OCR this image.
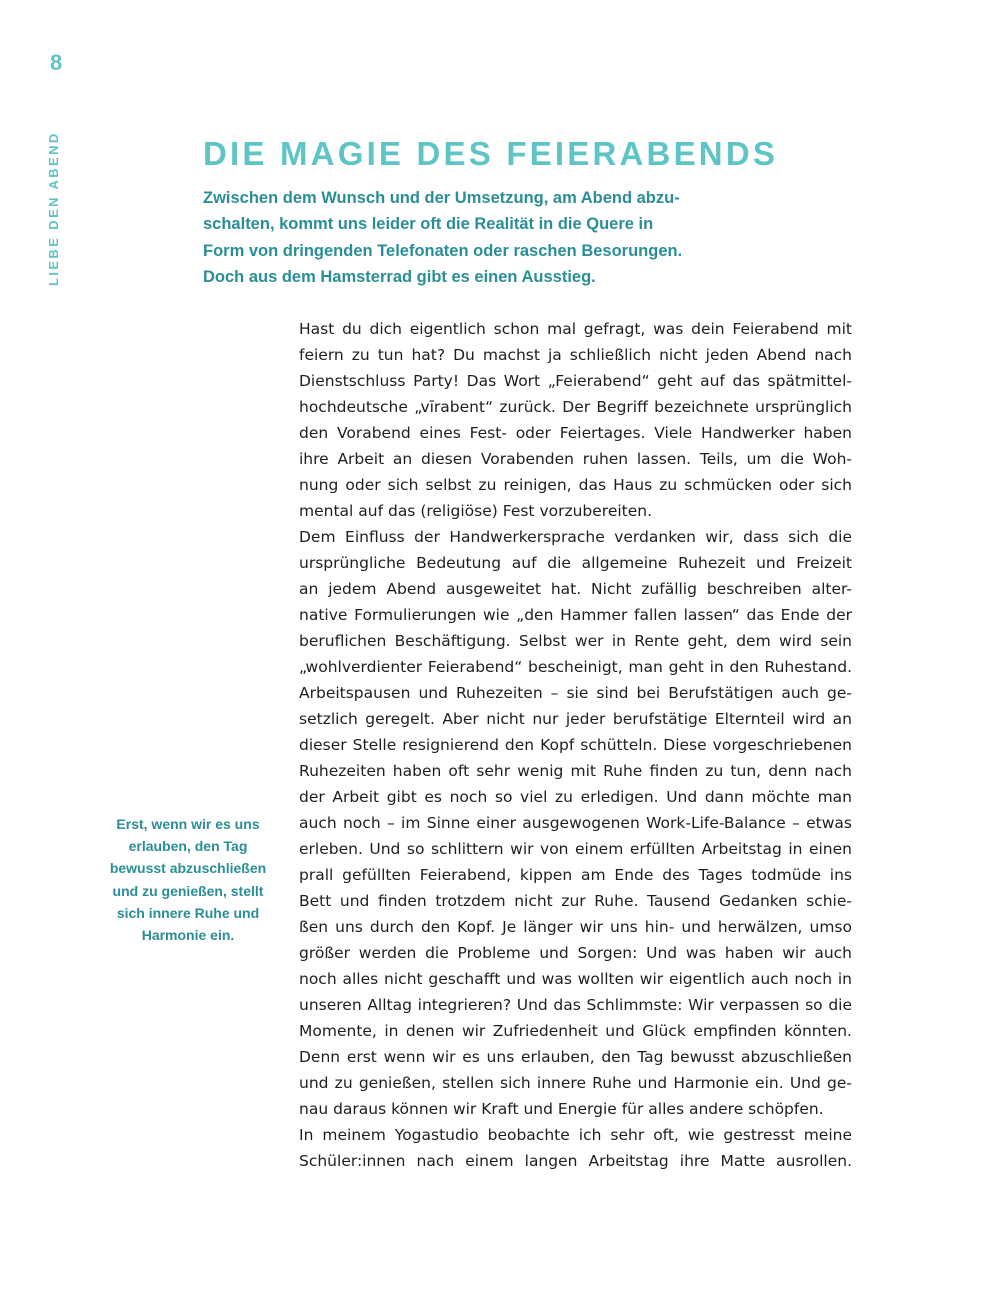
8
LIEBE DEN ABEND	DIE MAGIE DES FEIERABENDS

Zwischen dem Wunsch und der Umsetzung, am Abend abzu-
schalten, kommt uns leider oft die Realität in die Quere in
Form von dringenden Telefonaten oder raschen Besorungen.
Doch aus dem Hamsterrad gibt es einen Ausstieg.

Erst, wenn wir es uns
erlauben, den Tag
bewusst abzuschließen
und zu genießen, stellt
sich innere Ruhe und
Harmonie ein.

Hast du dich eigentlich schon mal gefragt, was dein Feierabend mit
feiern zu tun hat? Du machst ja schließlich nicht jeden Abend nach
Dienstschluss Party! Das Wort „Feierabend“ geht auf das spätmittel-
hochdeutsche „vīrabent“ zurück. Der Begriff bezeichnete ursprünglich
den Vorabend eines Fest- oder Feiertages. Viele Handwerker haben
ihre Arbeit an diesen Vorabenden ruhen lassen. Teils, um die Woh-
nung oder sich selbst zu reinigen, das Haus zu schmücken oder sich
mental auf das (religiöse) Fest vorzubereiten.
Dem Einfluss der Handwerkersprache verdanken wir, dass sich die
ursprüngliche Bedeutung auf die allgemeine Ruhezeit und Freizeit
an jedem Abend ausgeweitet hat. Nicht zufällig beschreiben alter-
native Formulierungen wie „den Hammer fallen lassen“ das Ende der
beruflichen Beschäftigung. Selbst wer in Rente geht, dem wird sein
„wohlverdienter Feierabend“ bescheinigt, man geht in den Ruhestand.
Arbeitspausen und Ruhezeiten – sie sind bei Berufstätigen auch ge-
setzlich geregelt. Aber nicht nur jeder berufstätige Elternteil wird an
dieser Stelle resignierend den Kopf schütteln. Diese vorgeschriebenen
Ruhezeiten haben oft sehr wenig mit Ruhe finden zu tun, denn nach
der Arbeit gibt es noch so viel zu erledigen. Und dann möchte man
auch noch – im Sinne einer ausgewogenen Work-Life-Balance – etwas
erleben. Und so schlittern wir von einem erfüllten Arbeitstag in einen
prall gefüllten Feierabend, kippen am Ende des Tages todmüde ins
Bett und finden trotzdem nicht zur Ruhe. Tausend Gedanken schie-
ßen uns durch den Kopf. Je länger wir uns hin- und herwälzen, umso
größer werden die Probleme und Sorgen: Und was haben wir auch
noch alles nicht geschafft und was wollten wir eigentlich auch noch in
unseren Alltag integrieren? Und das Schlimmste: Wir verpassen so die
Momente, in denen wir Zufriedenheit und Glück empfinden könnten.
Denn erst wenn wir es uns erlauben, den Tag bewusst abzuschließen
und zu genießen, stellen sich innere Ruhe und Harmonie ein. Und ge-
nau daraus können wir Kraft und Energie für alles andere schöpfen.
In meinem Yogastudio beobachte ich sehr oft, wie gestresst meine
Schüler:innen nach einem langen Arbeitstag ihre Matte ausrollen.
